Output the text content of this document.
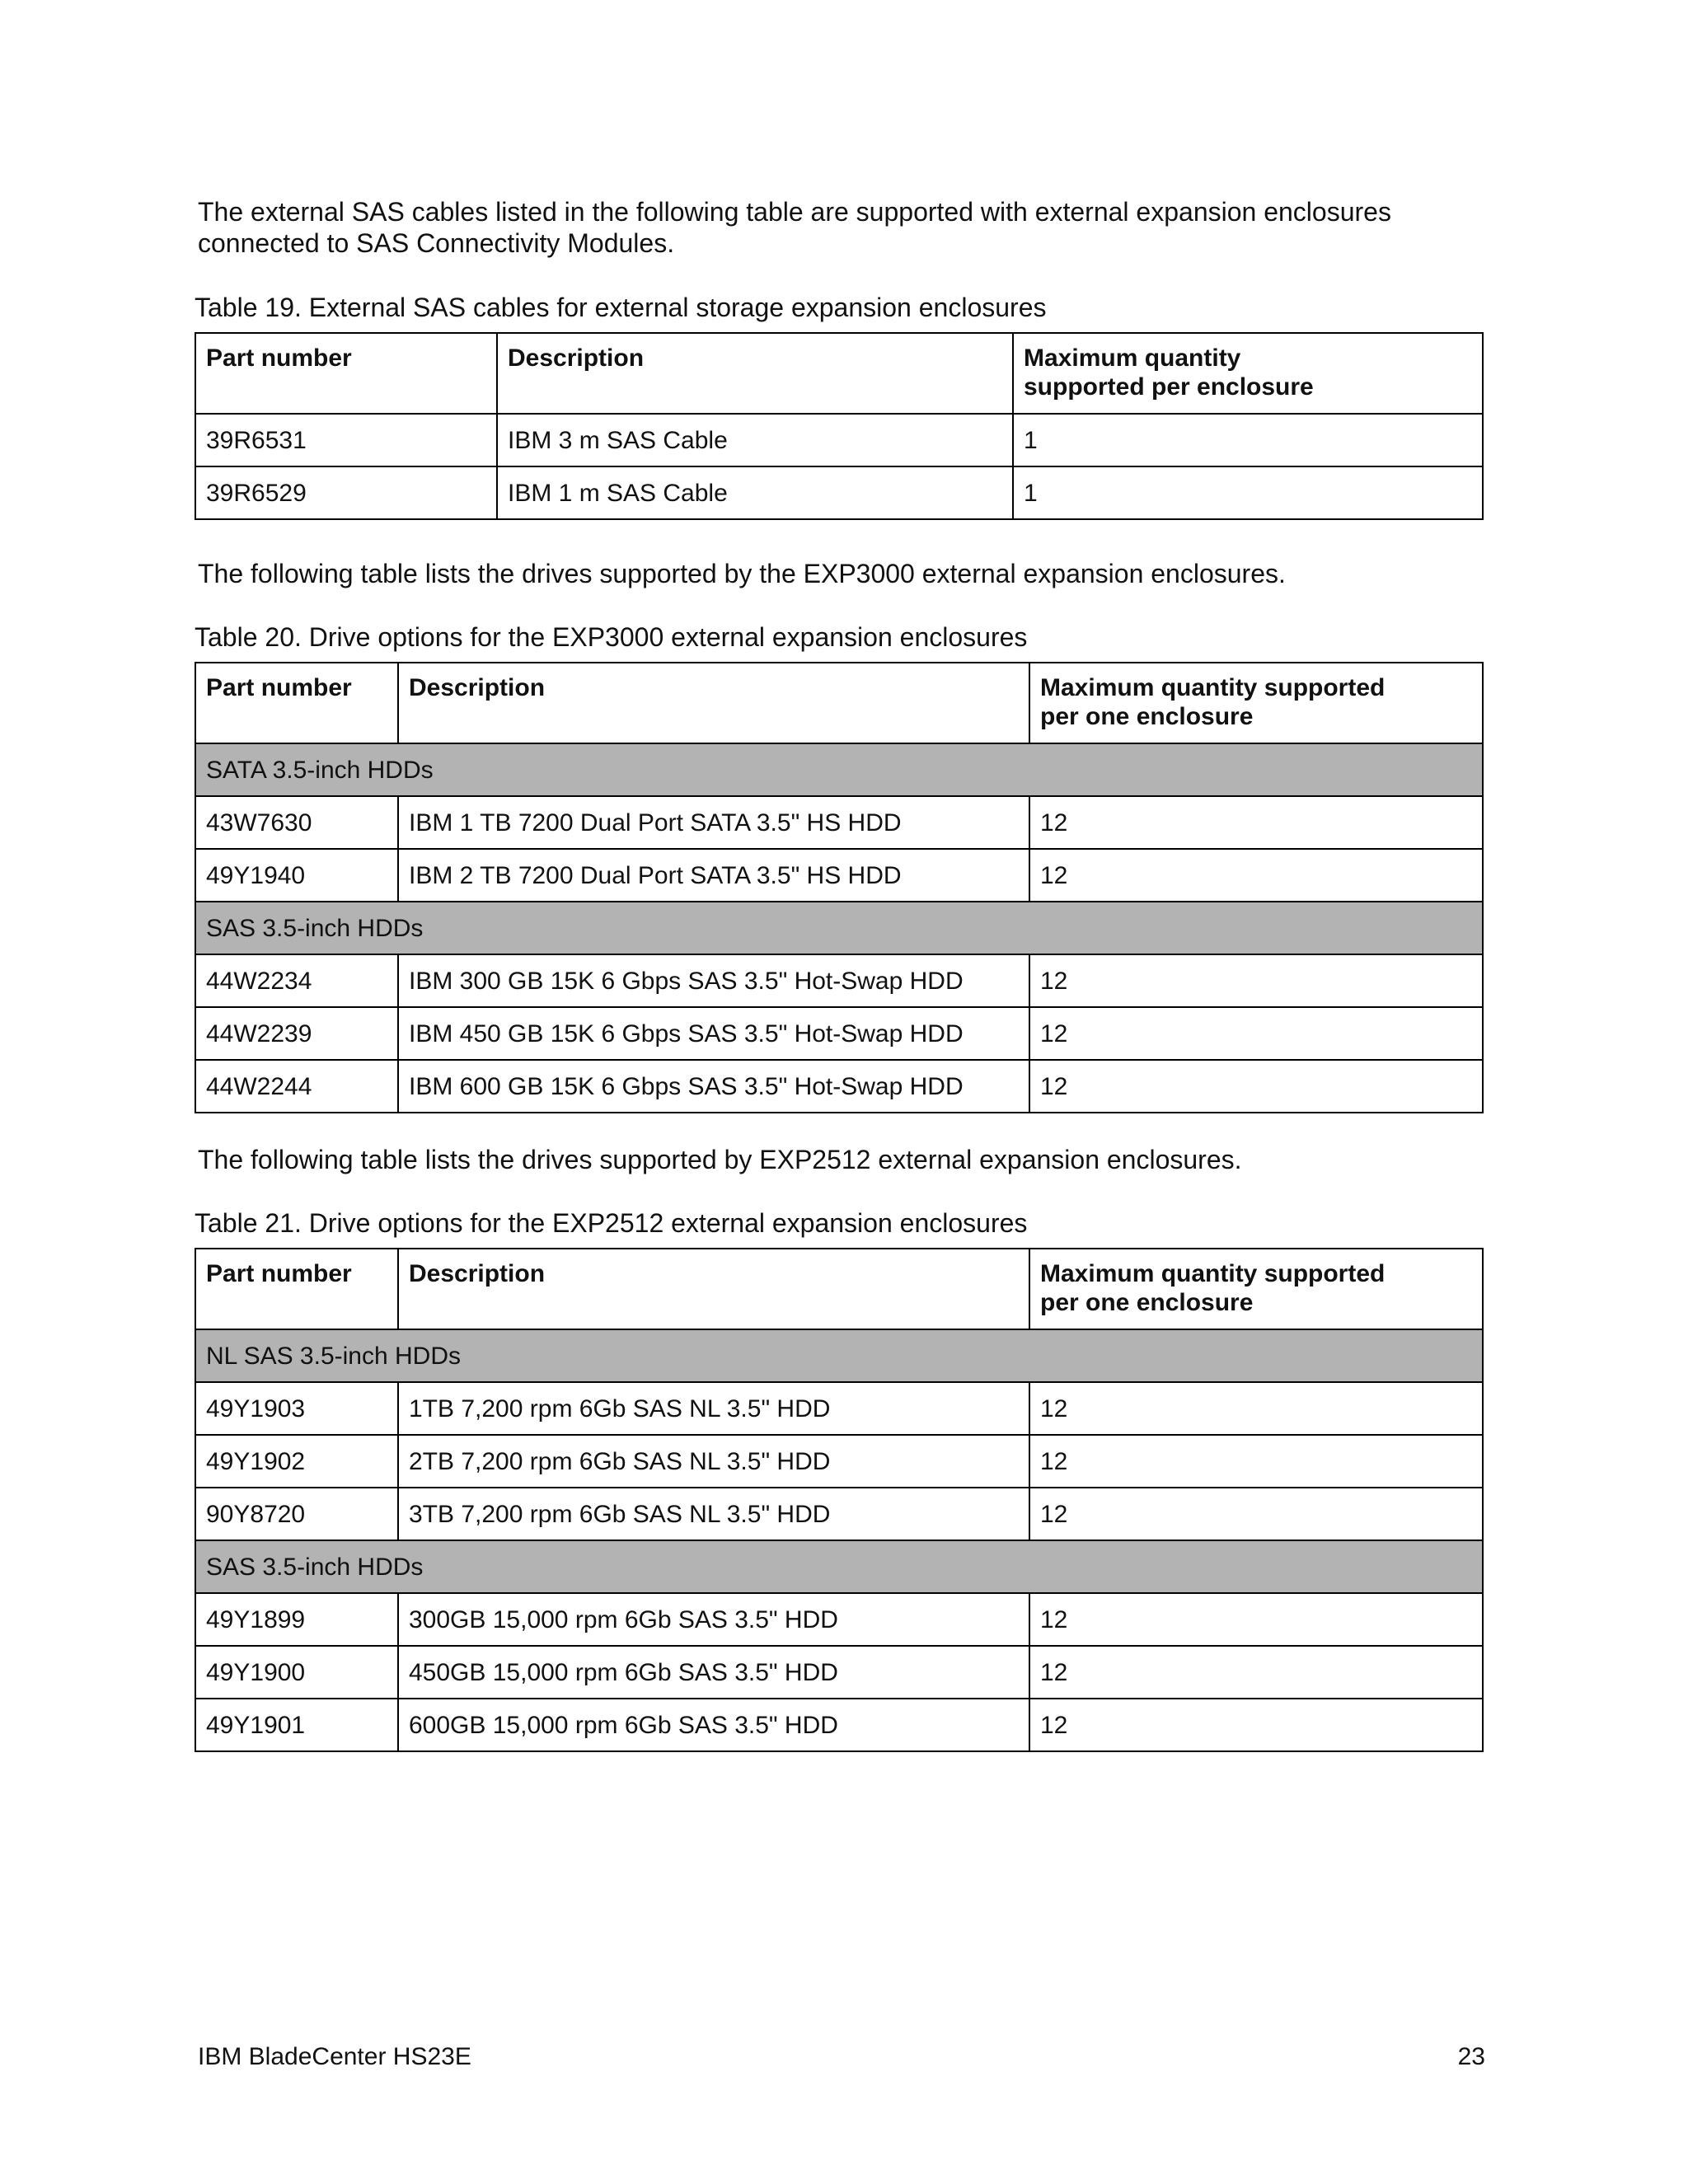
The external SAS cables listed in the following table are supported with external expansion enclosures connected to SAS Connectivity Modules.

Table 19. External SAS cables for external storage expansion enclosures

Part number	Description	Maximum quantity supported per enclosure
39R6531	IBM 3 m SAS Cable	1
39R6529	IBM 1 m SAS Cable	1

The following table lists the drives supported by the EXP3000 external expansion enclosures.

Table 20. Drive options for the EXP3000 external expansion enclosures

Part number	Description	Maximum quantity supported per one enclosure
SATA 3.5-inch HDDs		
43W7630	IBM 1 TB 7200 Dual Port SATA 3.5" HS HDD	12
49Y1940	IBM 2 TB 7200 Dual Port SATA 3.5" HS HDD	12
SAS 3.5-inch HDDs		
44W2234	IBM 300 GB 15K 6 Gbps SAS 3.5" Hot-Swap HDD	12
44W2239	IBM 450 GB 15K 6 Gbps SAS 3.5" Hot-Swap HDD	12
44W2244	IBM 600 GB 15K 6 Gbps SAS 3.5" Hot-Swap HDD	12

The following table lists the drives supported by EXP2512 external expansion enclosures.

Table 21. Drive options for the EXP2512 external expansion enclosures

Part number	Description	Maximum quantity supported per one enclosure
NL SAS 3.5-inch HDDs		
49Y1903	1TB 7,200 rpm 6Gb SAS NL 3.5" HDD	12
49Y1902	2TB 7,200 rpm 6Gb SAS NL 3.5" HDD	12
90Y8720	3TB 7,200 rpm 6Gb SAS NL 3.5" HDD	12
SAS 3.5-inch HDDs		
49Y1899	300GB 15,000 rpm 6Gb SAS 3.5" HDD	12
49Y1900	450GB 15,000 rpm 6Gb SAS 3.5" HDD	12
49Y1901	600GB 15,000 rpm 6Gb SAS 3.5" HDD	12

IBM BladeCenter HS23E	23
